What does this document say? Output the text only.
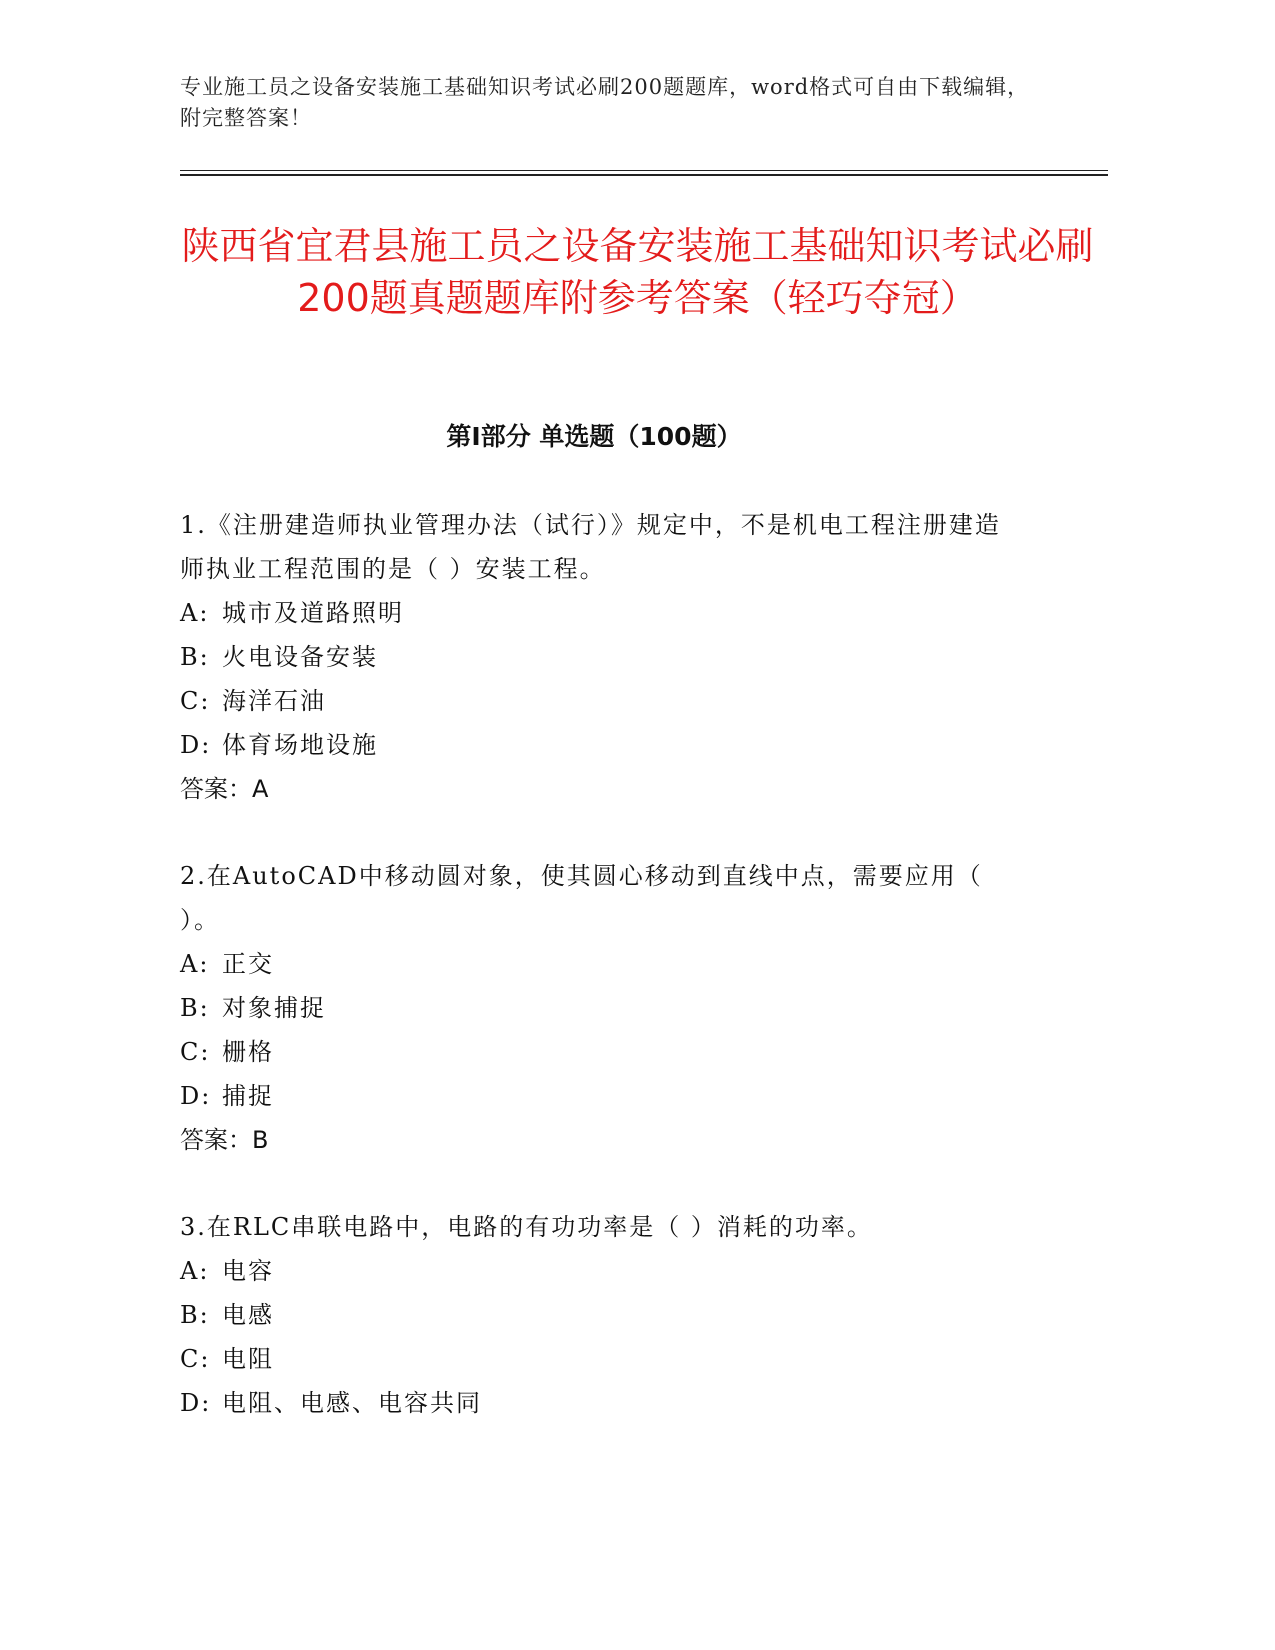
专业施工员之设备安装施工基础知识考试必刷200题题库，word格式可自由下载编辑，附完整答案！
陕西省宜君县施工员之设备安装施工基础知识考试必刷200题真题题库附参考答案（轻巧夺冠）
第I部分 单选题（100题）
1.《注册建造师执业管理办法（试行）》规定中，不是机电工程注册建造师执业工程范围的是（ ）安装工程。
A: 城市及道路照明
B: 火电设备安装
C: 海洋石油
D: 体育场地设施
答案：A
2.在AutoCAD中移动圆对象，使其圆心移动到直线中点，需要应用（ ）。
A: 正交
B: 对象捕捉
C: 栅格
D: 捕捉
答案：B
3.在RLC串联电路中，电路的有功功率是（ ）消耗的功率。
A: 电容
B: 电感
C: 电阻
D: 电阻、电感、电容共同
